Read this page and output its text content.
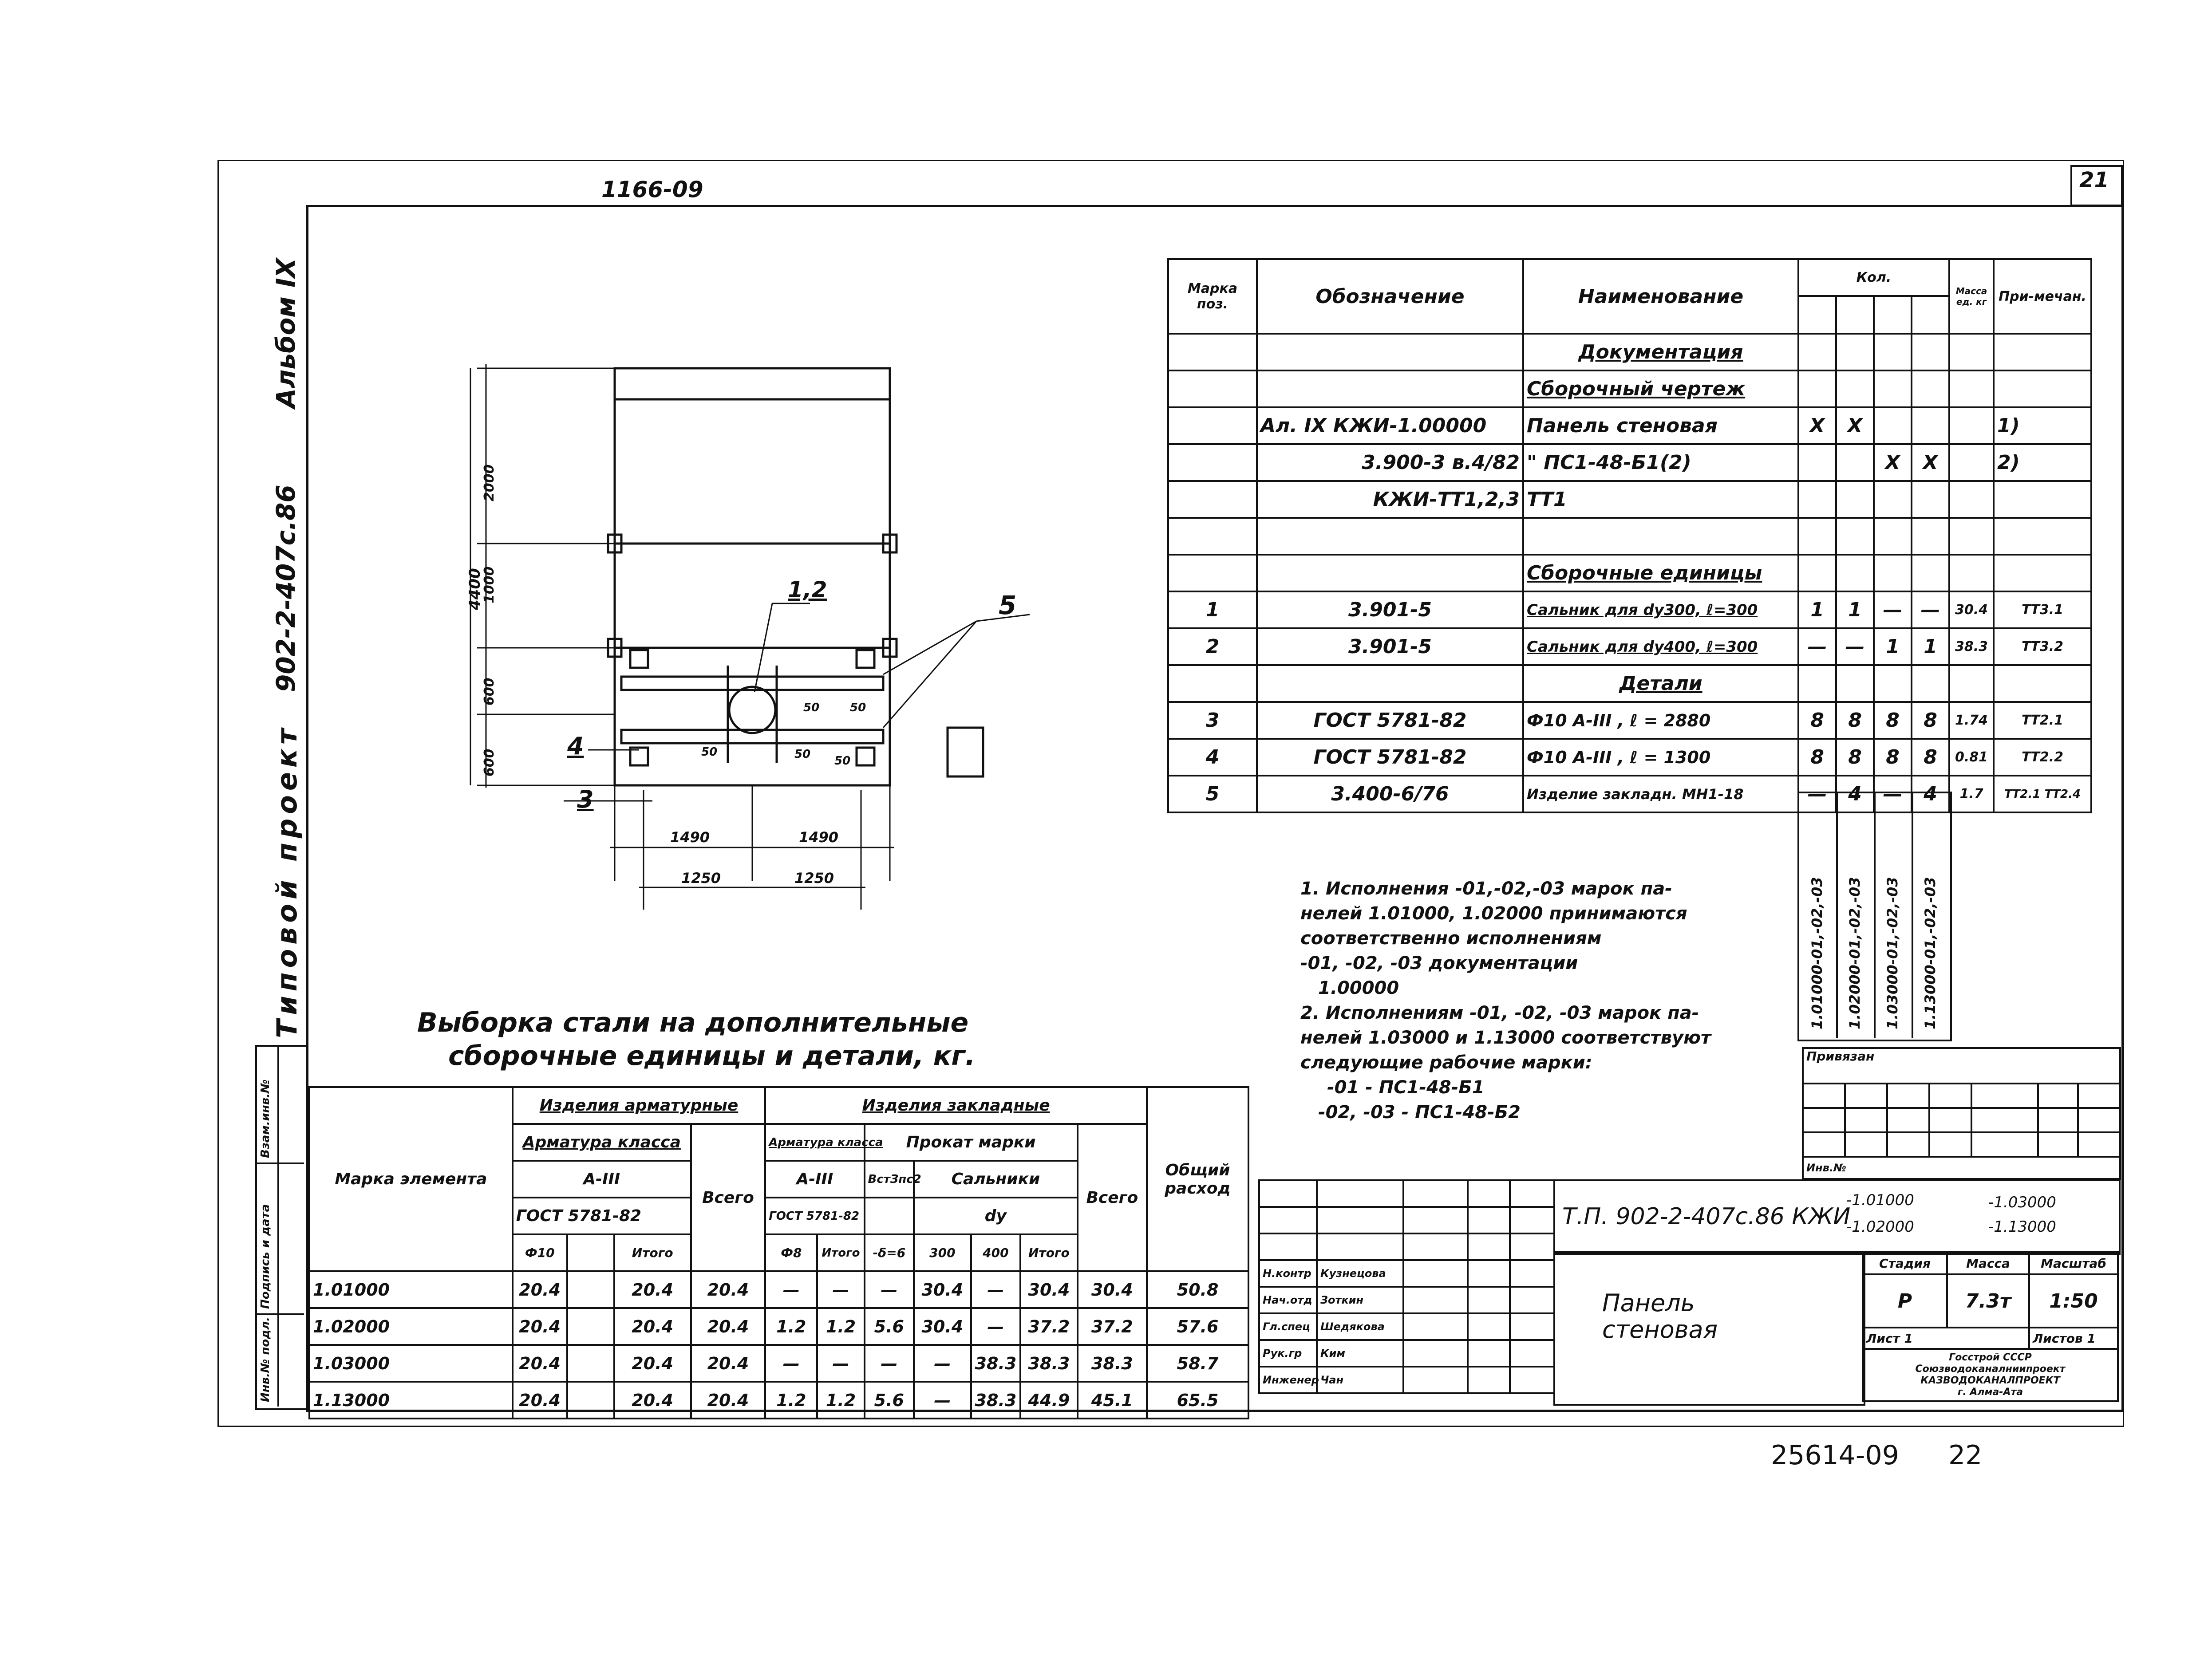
21
1166-09
Типовой проект
902-2-407с.86
Альбом IX
Инв.№ подл.
Подпись и дата
Взам.инв.№
4400
2000
1000
600
600
1490	1490
1250	1250
50
50
50 50
50
1,2
5
4
3
Марка поз.	Обозначение	Наименование	Кол.				Масса ед. кг	При-мечан.

		Документация						
		Сборочный чертеж						
	Ал. IX КЖИ-1.00000	Панель стеновая	X	X				1)
	3.900-3 в.4/82	" ПС1-48-Б1(2)			X	X		2)
	КЖИ-ТТ1,2,3	ТТ1						

		Сборочные единицы						
1	3.901-5	Сальник для dy300, ℓ=300	1	1	—	—	30.4	ТТ3.1
2	3.901-5	Сальник для dy400, ℓ=300	—	—	1	1	38.3	ТТ3.2
		Детали						
3	ГОСТ 5781-82	Ф10 А-III , ℓ = 2880	8	8	8	8	1.74	ТТ2.1
4	ГОСТ 5781-82	Ф10 А-III , ℓ = 1300	8	8	8	8	0.81	ТТ2.2
5	3.400-6/76	Изделие закладн. МН1-18	—	4	—	4	1.7	ТТ2.1 ТТ2.4
1.01000-01,-02,-03 1.02000-01,-02,-03 1.03000-01,-02,-03 1.13000-01,-02,-03
1. Исполнения -01,-02,-03 марок па-
нелей 1.01000, 1.02000 принимаются
соответственно исполнениям
-01, -02, -03 документации
1.00000
2. Исполнениям -01, -02, -03 марок па-
нелей 1.03000 и 1.13000 соответствуют
следующие рабочие марки:
-01 - ПС1-48-Б1
-02, -03 - ПС1-48-Б2
Выборка стали на дополнительные
сборочные единицы и детали, кг.
Марка элемента	Изделия арматурные				Изделия закладные							Общий расход
	Арматура класса			Всего	Арматура класса		Прокат марки				Всего	
	А-III				А-III		ВстЗпс2	Сальники				
	ГОСТ 5781-82				ГОСТ 5781-82			dy				
	Ф10		Итого		Ф8	Итого	-δ=6	300	400	Итого		
1.01000	20.4		20.4	20.4	—	—	—	30.4	—	30.4	30.4	50.8
1.02000	20.4		20.4	20.4	1.2	1.2	5.6	30.4	—	37.2	37.2	57.6
1.03000	20.4		20.4	20.4	—	—	—	—	38.3	38.3	38.3	58.7
1.13000	20.4		20.4	20.4	1.2	1.2	5.6	—	38.3	44.9	45.1	65.5
Привязан						

Инв.№						

Н.контр	Кузнецова			
Нач.отд	Зоткин			
Гл.спец	Шедякова			
Рук.гр	Ким			
Инженер	Чан			
Т.П. 902-2-407с.86 КЖИ
-1.01000
-1.02000
-1.03000
-1.13000
Панель
стеновая
Стадия	Масса	Масштаб
Р	7.3т	1:50
Лист 1		Листов 1

Госстрой СССР
Союзводоканалниипроект
КАЗВОДОКАНАЛПРОЕКТ
г. Алма-Ата		
25614-09 22
